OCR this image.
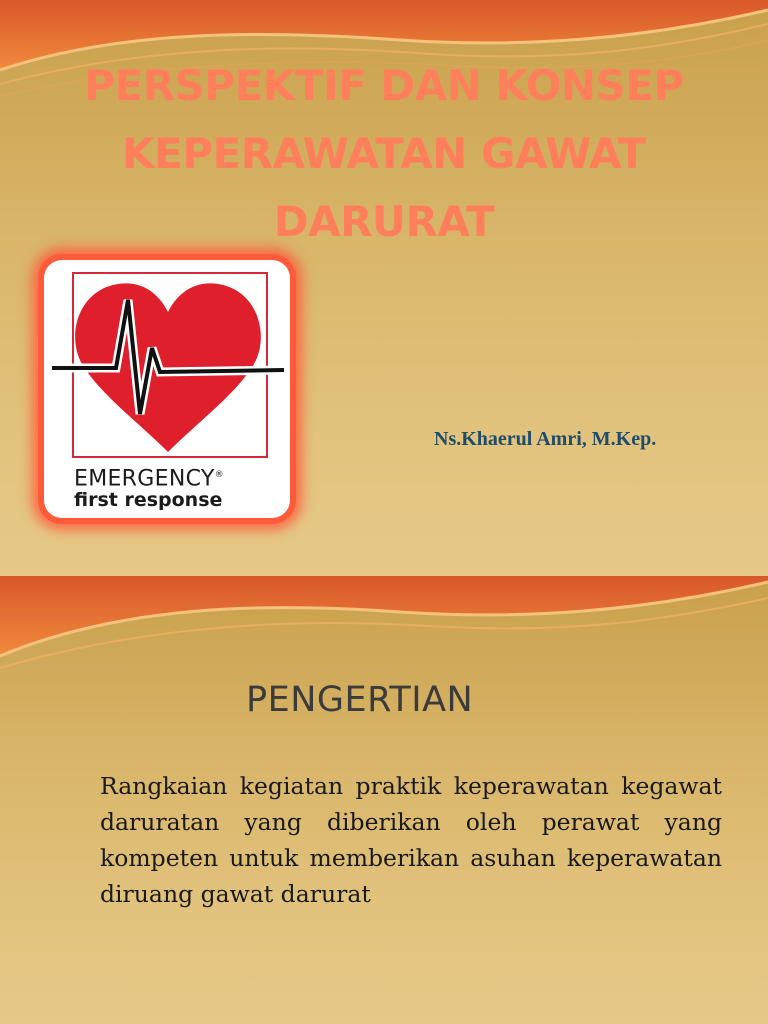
PERSPEKTIF DAN KONSEP KEPERAWATAN GAWAT DARURAT
EMERGENCY®
first response
Ns.Khaerul Amri, M.Kep.
PENGERTIAN
Rangkaian kegiatan praktik keperawatan kegawat daruratan yang diberikan oleh perawat yang kompeten untuk memberikan asuhan keperawatan diruang gawat darurat
